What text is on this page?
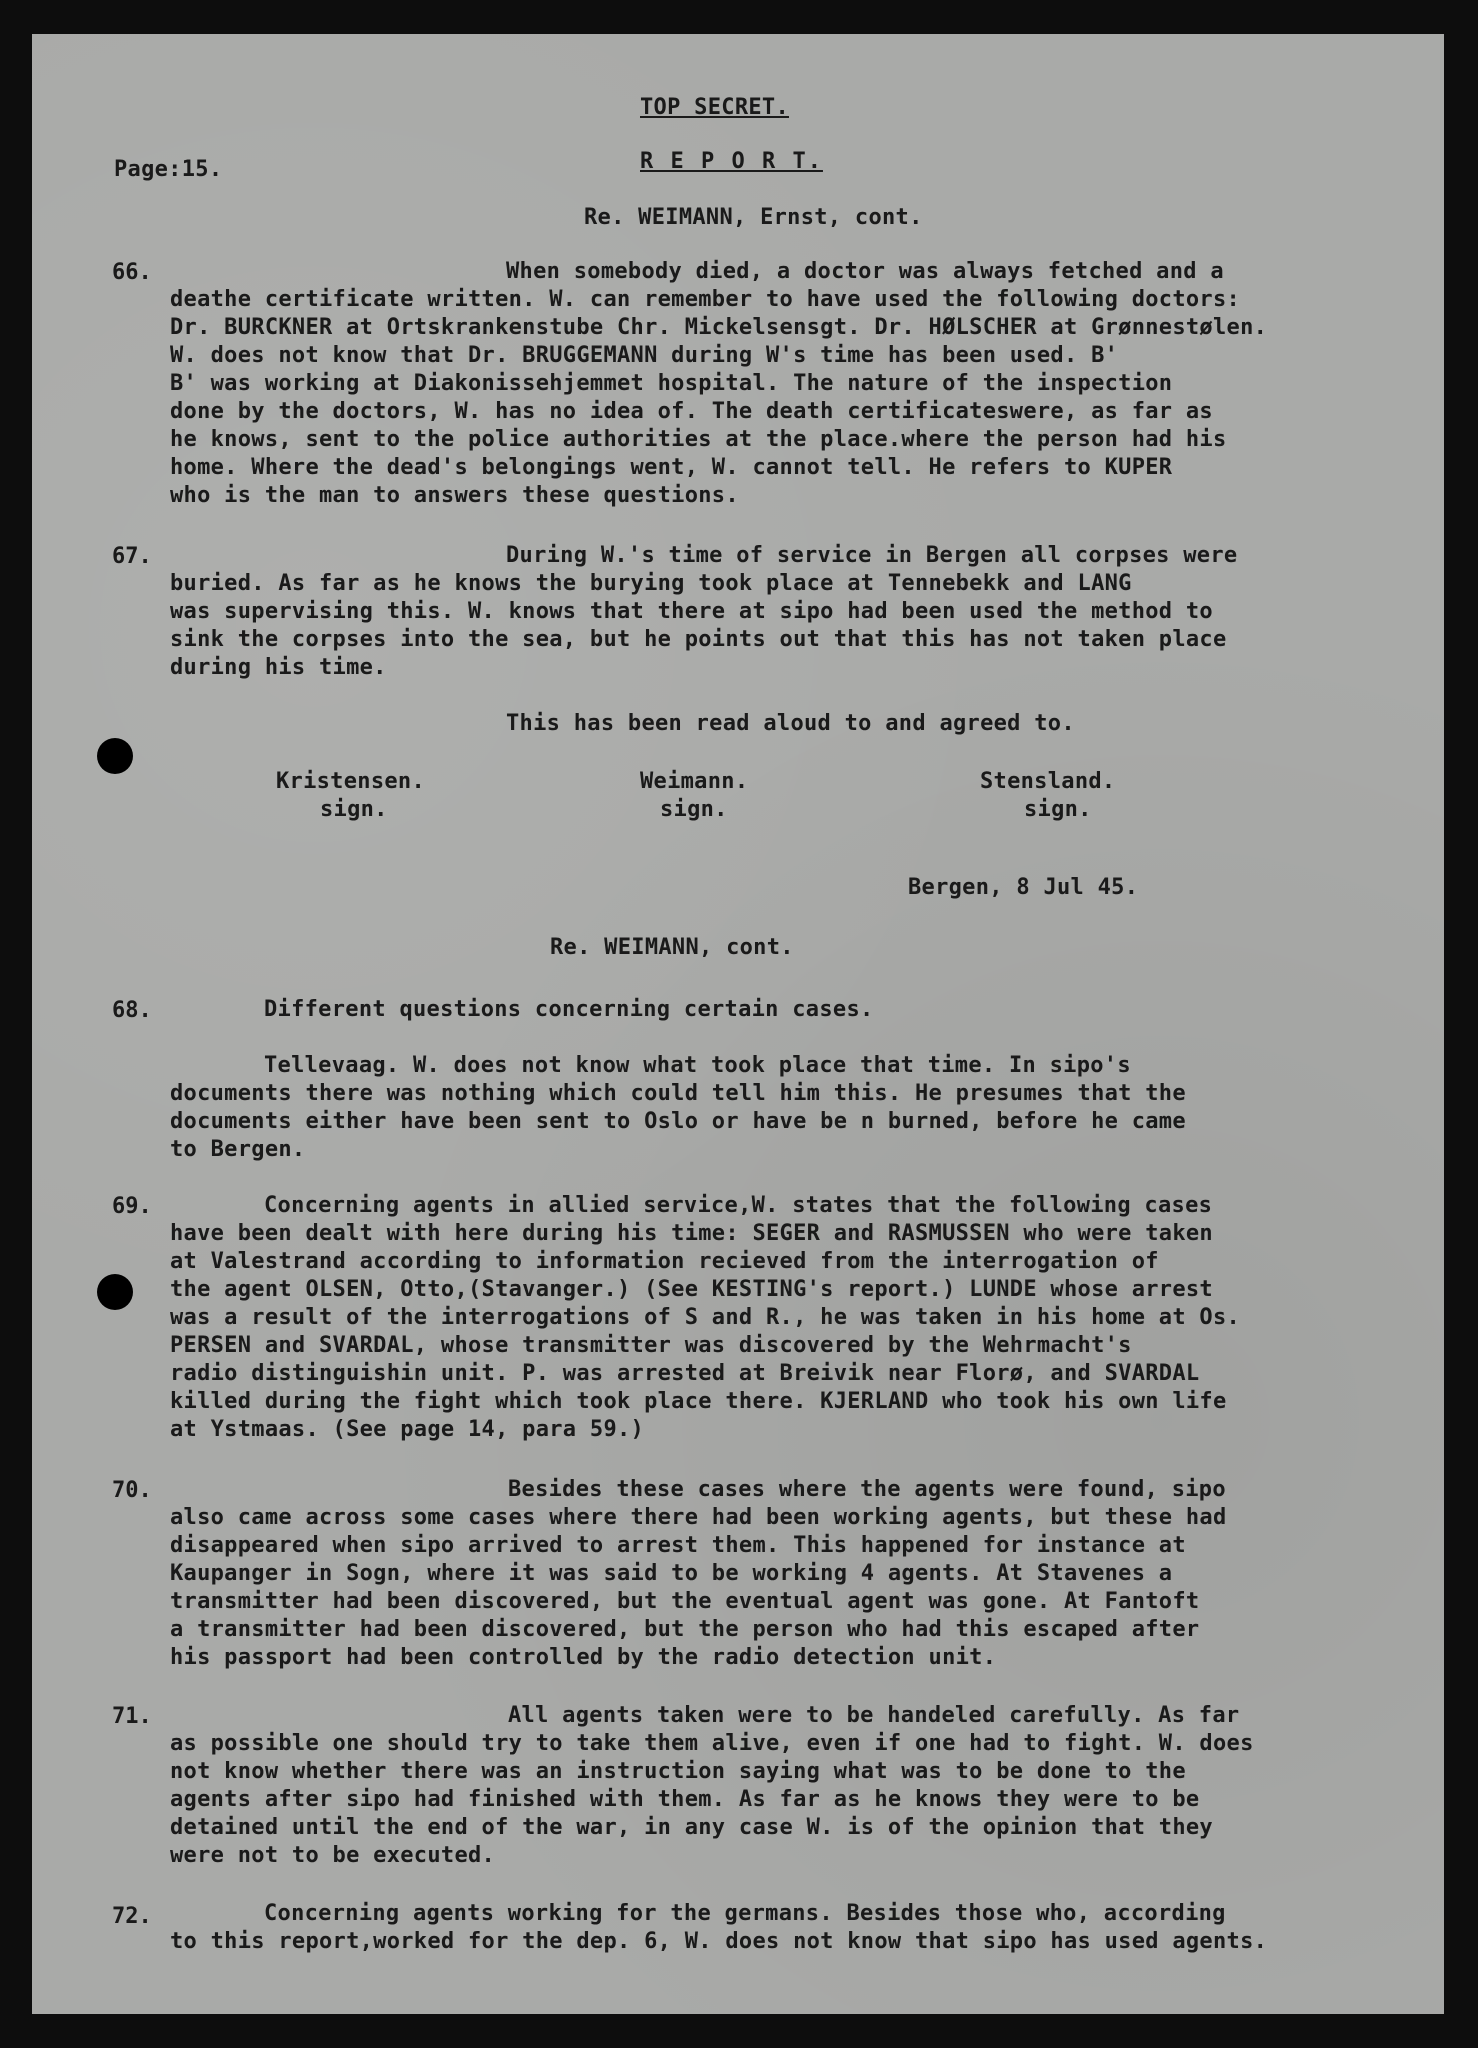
TOP SECRET.
Page:15.	R E P O R T.
Re. WEIMANN, Ernst, cont.
66.	When somebody died, a doctor was always fetched and a
deathe certificate written. W. can remember to have used the following doctors:
Dr. BURCKNER at Ortskrankenstube Chr. Mickelsensgt. Dr. HØLSCHER at Grønnestølen.
W. does not know that Dr. BRUGGEMANN during W's time has been used. B'
B' was working at Diakonissehjemmet hospital. The nature of the inspection
done by the doctors, W. has no idea of. The death certificateswere, as far as
he knows, sent to the police authorities at the place.where the person had his
home. Where the dead's belongings went, W. cannot tell. He refers to KUPER
who is the man to answers these questions.
67.	During W.'s time of service in Bergen all corpses were
buried. As far as he knows the burying took place at Tennebekk and LANG
was supervising this. W. knows that there at sipo had been used the method to
sink the corpses into the sea, but he points out that this has not taken place
during his time.
This has been read aloud to and agreed to.
Kristensen.
sign.
Weimann.
sign.
Stensland.
sign.
Bergen, 8 Jul 45.
Re. WEIMANN, cont.
68.	Different questions concerning certain cases.
Tellevaag. W. does not know what took place that time. In sipo's
documents there was nothing which could tell him this. He presumes that the
documents either have been sent to Oslo or have be n burned, before he came
to Bergen.
69.	Concerning agents in allied service,W. states that the following cases
have been dealt with here during his time: SEGER and RASMUSSEN who were taken
at Valestrand according to information recieved from the interrogation of
the agent OLSEN, Otto,(Stavanger.) (See KESTING's report.) LUNDE whose arrest
was a result of the interrogations of S and R., he was taken in his home at Os.
PERSEN and SVARDAL, whose transmitter was discovered by the Wehrmacht's
radio distinguishin unit. P. was arrested at Breivik near Florø, and SVARDAL
killed during the fight which took place there. KJERLAND who took his own life
at Ystmaas. (See page 14, para 59.)
70.	Besides these cases where the agents were found, sipo
also came across some cases where there had been working agents, but these had
disappeared when sipo arrived to arrest them. This happened for instance at
Kaupanger in Sogn, where it was said to be working 4 agents. At Stavenes a
transmitter had been discovered, but the eventual agent was gone. At Fantoft
a transmitter had been discovered, but the person who had this escaped after
his passport had been controlled by the radio detection unit.
71.	All agents taken were to be handeled carefully. As far
as possible one should try to take them alive, even if one had to fight. W. does
not know whether there was an instruction saying what was to be done to the
agents after sipo had finished with them. As far as he knows they were to be
detained until the end of the war, in any case W. is of the opinion that they
were not to be executed.
72.	Concerning agents working for the germans. Besides those who, according
to this report,worked for the dep. 6, W. does not know that sipo has used agents.
